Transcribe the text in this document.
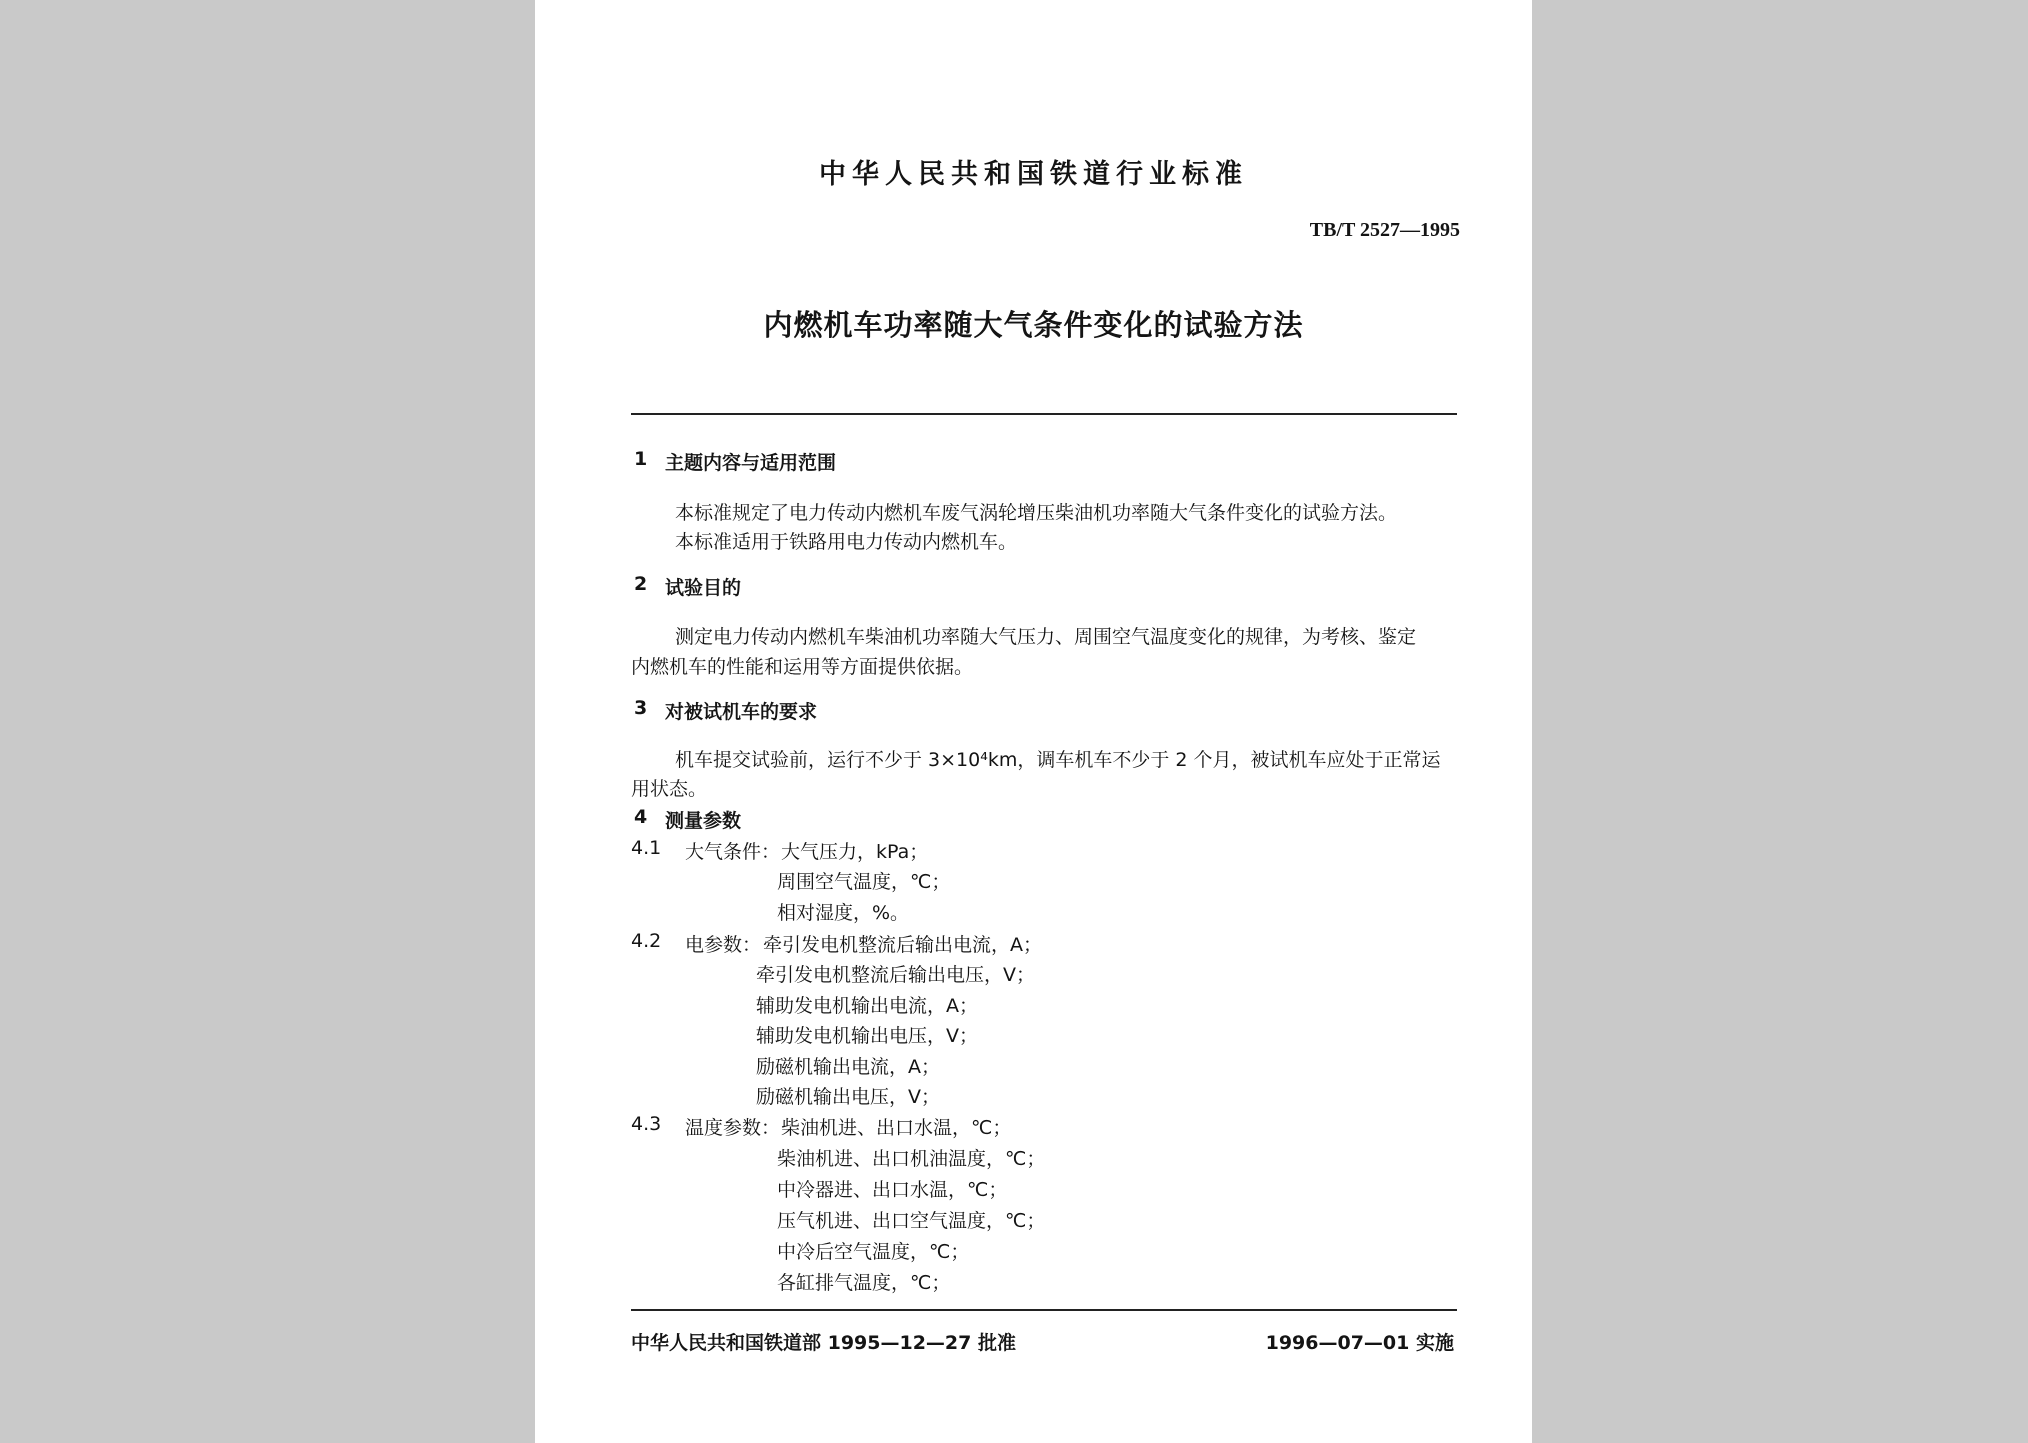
中华人民共和国铁道行业标准
TB/T 2527—1995
内燃机车功率随大气条件变化的试验方法
1 主题内容与适用范围
本标准规定了电力传动内燃机车废气涡轮增压柴油机功率随大气条件变化的试验方法。
本标准适用于铁路用电力传动内燃机车。
2 试验目的
测定电力传动内燃机车柴油机功率随大气压力、周围空气温度变化的规律，为考核、鉴定
内燃机车的性能和运用等方面提供依据。
3 对被试机车的要求
机车提交试验前，运行不少于 3×10⁴km，调车机车不少于 2 个月，被试机车应处于正常运
用状态。
4 测量参数
4.1 大气条件： 大气压力，kPa；
周围空气温度，℃；
相对湿度，%。
4.2 电参数： 牵引发电机整流后输出电流，A；
牵引发电机整流后输出电压，V；
辅助发电机输出电流，A；
辅助发电机输出电压，V；
励磁机输出电流，A；
励磁机输出电压，V；
4.3 温度参数： 柴油机进、出口水温，℃；
柴油机进、出口机油温度，℃；
中冷器进、出口水温，℃；
压气机进、出口空气温度，℃；
中冷后空气温度，℃；
各缸排气温度，℃；
中华人民共和国铁道部 1995—12—27 批准	1996—07—01 实施
